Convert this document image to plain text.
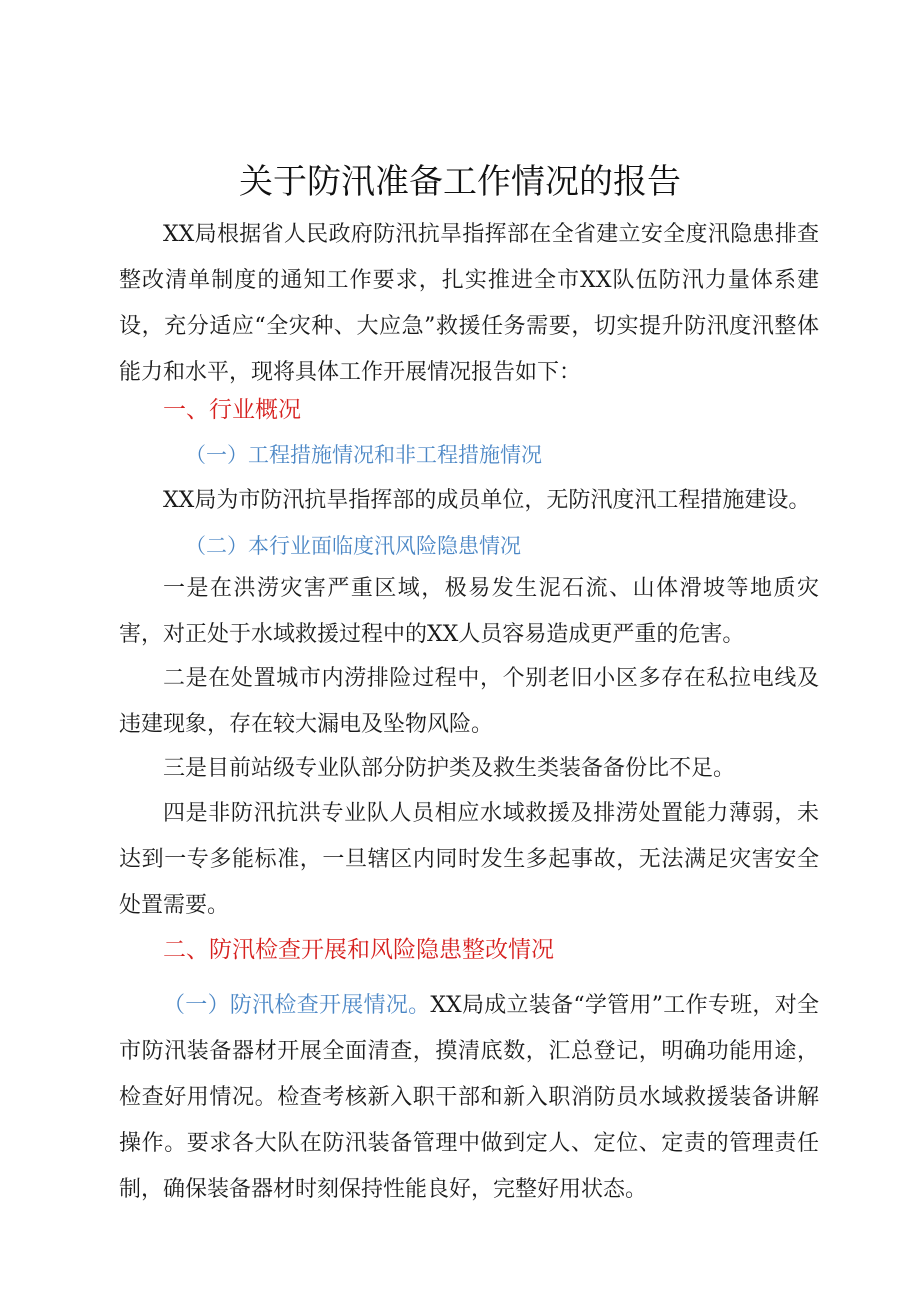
关于防汛准备工作情况的报告

XX局根据省人民政府防汛抗旱指挥部在全省建立安全度汛隐患排查整改清单制度的通知工作要求，扎实推进全市XX队伍防汛力量体系建设，充分适应“全灾种、大应急”救援任务需要，切实提升防汛度汛整体能力和水平，现将具体工作开展情况报告如下：

一、行业概况
（一）工程措施情况和非工程措施情况

XX局为市防汛抗旱指挥部的成员单位，无防汛度汛工程措施建设。

（二）本行业面临度汛风险隐患情况

一是在洪涝灾害严重区域，极易发生泥石流、山体滑坡等地质灾害，对正处于水域救援过程中的XX人员容易造成更严重的危害。

二是在处置城市内涝排险过程中，个别老旧小区多存在私拉电线及违建现象，存在较大漏电及坠物风险。

三是目前站级专业队部分防护类及救生类装备备份比不足。

四是非防汛抗洪专业队人员相应水域救援及排涝处置能力薄弱，未达到一专多能标准，一旦辖区内同时发生多起事故，无法满足灾害安全处置需要。

二、防汛检查开展和风险隐患整改情况

（一）防汛检查开展情况。XX局成立装备“学管用”工作专班，对全市防汛装备器材开展全面清查，摸清底数，汇总登记，明确功能用途，检查好用情况。检查考核新入职干部和新入职消防员水域救援装备讲解操作。要求各大队在防汛装备管理中做到定人、定位、定责的管理责任制，确保装备器材时刻保持性能良好，完整好用状态。
